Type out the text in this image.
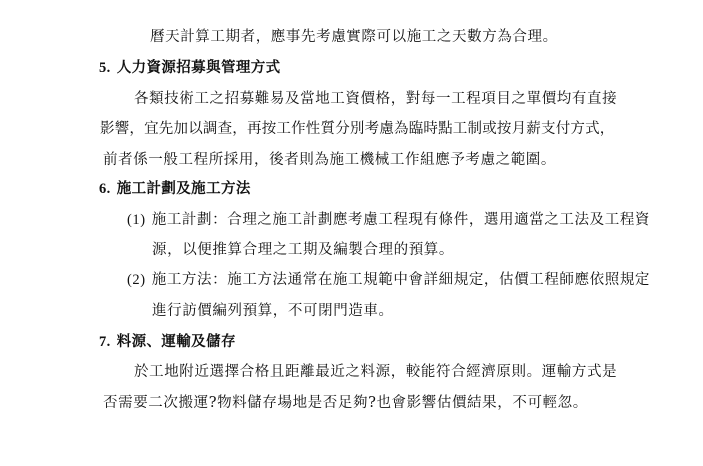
曆天計算工期者，應事先考慮實際可以施工之天數方為合理。
5. 人力資源招募與管理方式
各類技術工之招募難易及當地工資價格，對每一工程項目之單價均有直接
影響，宜先加以調查，再按工作性質分別考慮為臨時點工制或按月薪支付方式，
前者係一般工程所採用，後者則為施工機械工作組應予考慮之範圍。
6. 施工計劃及施工方法
(1) 施工計劃：合理之施工計劃應考慮工程現有條件，選用適當之工法及工程資
源，以便推算合理之工期及編製合理的預算。
(2) 施工方法：施工方法通常在施工規範中會詳細規定，估價工程師應依照規定
進行訪價編列預算，不可閉門造車。
7. 料源、運輸及儲存
於工地附近選擇合格且距離最近之料源，較能符合經濟原則。運輸方式是
否需要二次搬運?物料儲存場地是否足夠?也會影響估價結果，不可輕忽。
